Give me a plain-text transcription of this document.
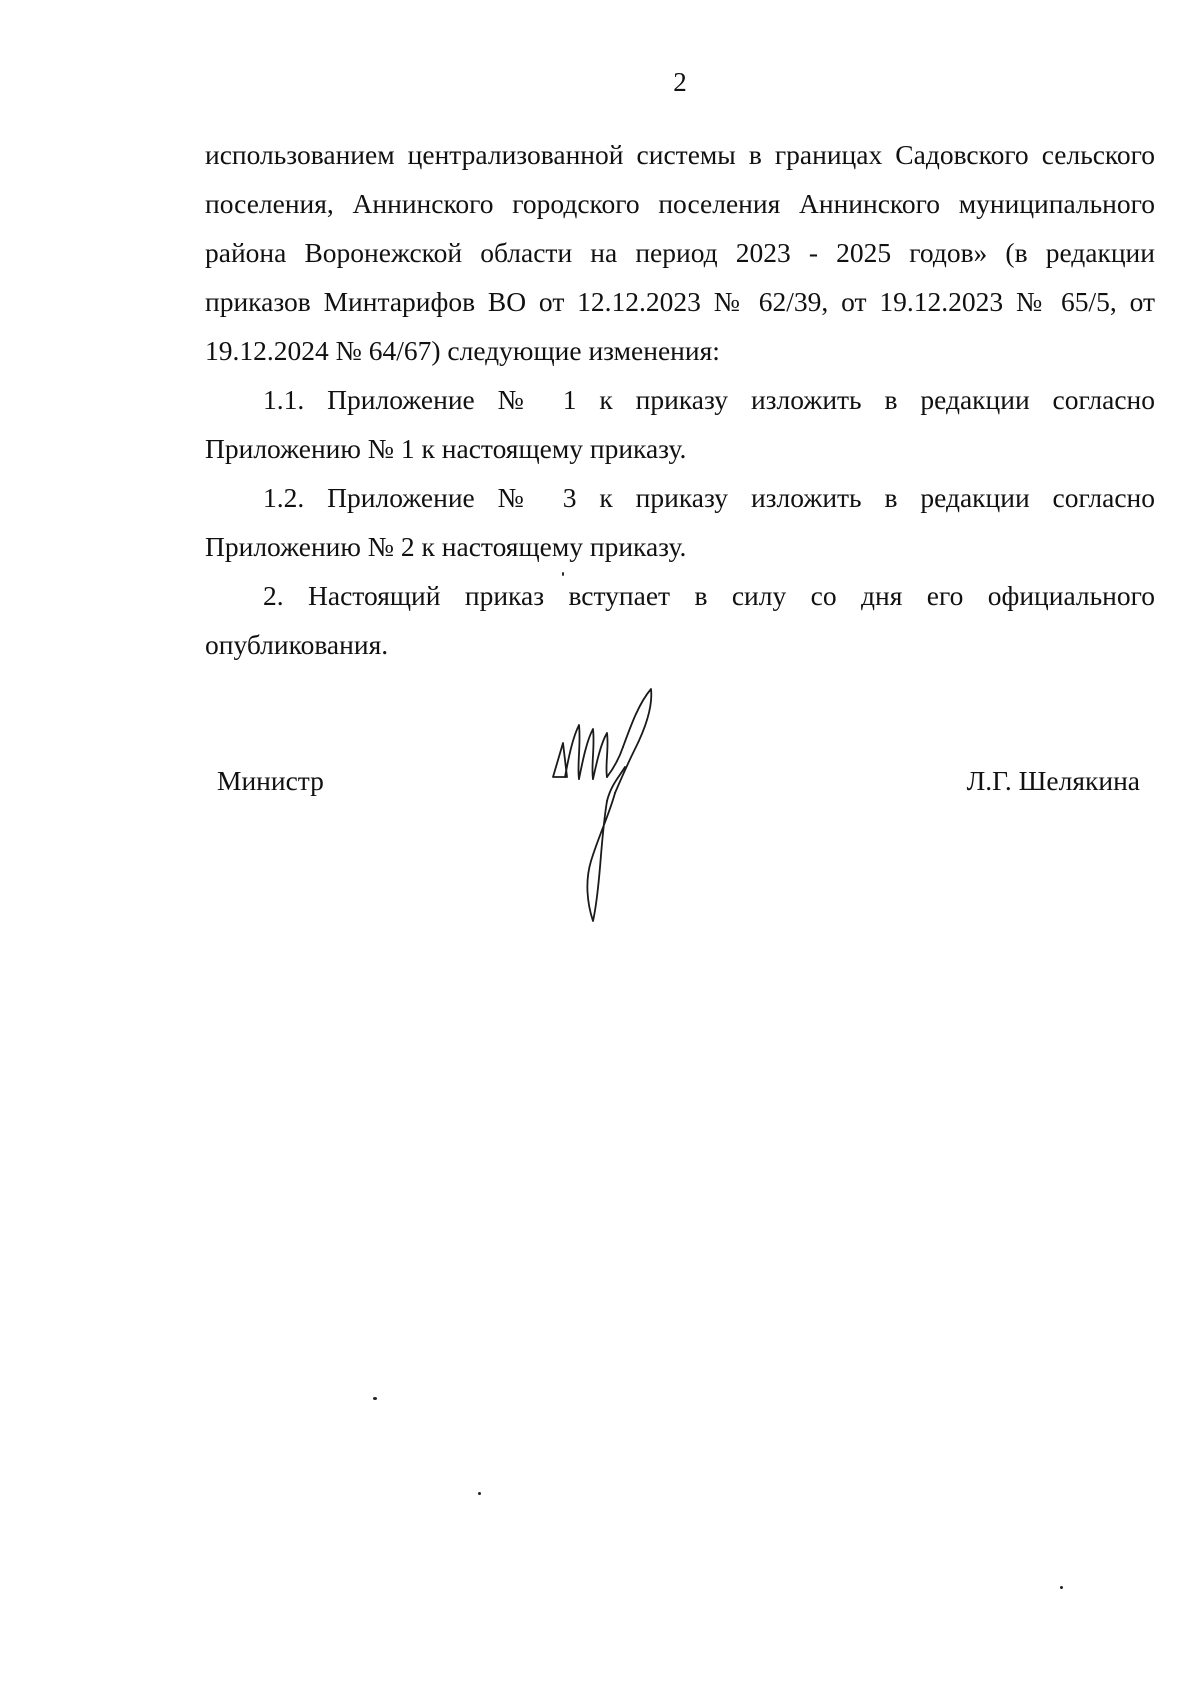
2

использованием централизованной системы в границах Садовского сельского поселения, Аннинского городского поселения Аннинского муниципального района Воронежской области на период 2023 - 2025 годов» (в редакции приказов Минтарифов ВО от 12.12.2023 № 62/39, от 19.12.2023 № 65/5, от 19.12.2024 № 64/67) следующие изменения:

1.1. Приложение № 1 к приказу изложить в редакции согласно Приложению № 1 к настоящему приказу.

1.2. Приложение № 3 к приказу изложить в редакции согласно Приложению № 2 к настоящему приказу.

2. Настоящий приказ вступает в силу со дня его официального опубликования.

Министр	Л.Г. Шелякина
